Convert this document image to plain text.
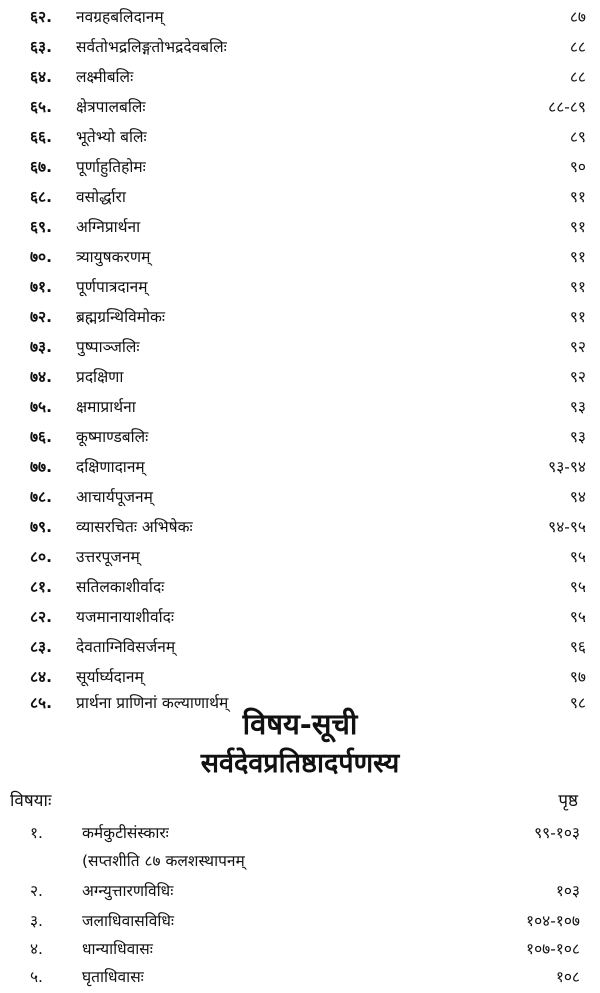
६२. नवग्रहबलिदानम्	८७
६३. सर्वतोभद्रलिङ्गतोभद्रदेवबलिः	८८
६४. लक्ष्मीबलिः	८८
६५. क्षेत्रपालबलिः	८८-८९
६६. भूतेभ्यो बलिः	८९
६७. पूर्णाहुतिहोमः	९०
६८. वसोर्द्धारा	९१
६९. अग्निप्रार्थना	९१
७०. त्र्यायुषकरणम्	९१
७१. पूर्णपात्रदानम्	९१
७२. ब्रह्मग्रन्थिविमोकः	९१
७३. पुष्पाञ्जलिः	९२
७४. प्रदक्षिणा	९२
७५. क्षमाप्रार्थना	९३
७६. कूष्माण्डबलिः	९३
७७. दक्षिणादानम्	९३-९४
७८. आचार्यपूजनम्	९४
७९. व्यासरचितः अभिषेकः	९४-९५
८०. उत्तरपूजनम्	९५
८१. सतिलकाशीर्वादः	९५
८२. यजमानायाशीर्वादः	९५
८३. देवताग्निविसर्जनम्	९६
८४. सूर्यार्घ्यदानम्	९७
८५. प्रार्थना प्राणिनां कल्याणार्थम्	९८
विषय-सूची
सर्वदेवप्रतिष्ठादर्पणस्य
विषयाः	पृष्ठ
१.	कर्मकुटीसंस्कारः	९९-१०३
(सप्तशीति ८७ कलशस्थापनम्
२.	अग्न्युत्तारणविधिः	१०३
३.	जलाधिवासविधिः	१०४-१०७
४.	धान्याधिवासः	१०७-१०८
५.	घृताधिवासः	१०८
